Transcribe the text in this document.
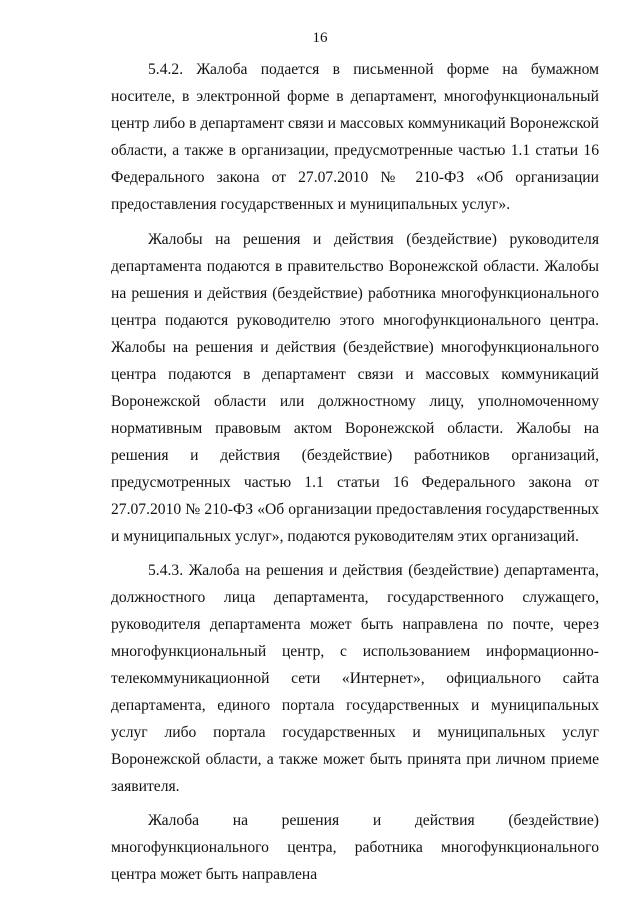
16

5.4.2. Жалоба подается в письменной форме на бумажном носителе, в электронной форме в департамент, многофункциональный центр либо в департамент связи и массовых коммуникаций Воронежской области, а также в организации, предусмотренные частью 1.1 статьи 16 Федерального закона от 27.07.2010 № 210-ФЗ «Об организации предоставления государственных и муниципальных услуг».

Жалобы на решения и действия (бездействие) руководителя департамента подаются в правительство Воронежской области. Жалобы на решения и действия (бездействие) работника многофункционального центра подаются руководителю этого многофункционального центра. Жалобы на решения и действия (бездействие) многофункционального центра подаются в департамент связи и массовых коммуникаций Воронежской области или должностному лицу, уполномоченному нормативным правовым актом Воронежской области. Жалобы на решения и действия (бездействие) работников организаций, предусмотренных частью 1.1 статьи 16 Федерального закона от 27.07.2010 № 210-ФЗ «Об организации предоставления государственных и муниципальных услуг», подаются руководителям этих организаций.

5.4.3. Жалоба на решения и действия (бездействие) департамента, должностного лица департамента, государственного служащего, руководителя департамента может быть направлена по почте, через многофункциональный центр, с использованием информационно-телекоммуникационной сети «Интернет», официального сайта департамента, единого портала государственных и муниципальных услуг либо портала государственных и муниципальных услуг Воронежской области, а также может быть принята при личном приеме заявителя.

Жалоба на решения и действия (бездействие) многофункционального центра, работника многофункционального центра может быть направлена
